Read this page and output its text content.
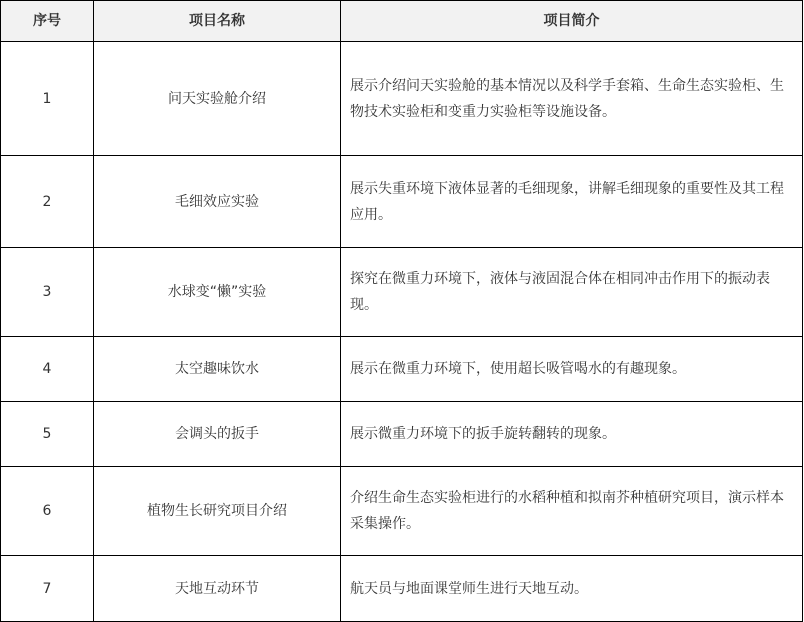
序号	项目名称	项目简介
1	问天实验舱介绍	展示介绍问天实验舱的基本情况以及科学手套箱、生命生态实验柜、生物技术实验柜和变重力实验柜等设施设备。
2	毛细效应实验	展示失重环境下液体显著的毛细现象，讲解毛细现象的重要性及其工程应用。
3	水球变“懒”实验	探究在微重力环境下，液体与液固混合体在相同冲击作用下的振动表现。
4	太空趣味饮水	展示在微重力环境下，使用超长吸管喝水的有趣现象。
5	会调头的扳手	展示微重力环境下的扳手旋转翻转的现象。
6	植物生长研究项目介绍	介绍生命生态实验柜进行的水稻种植和拟南芥种植研究项目，演示样本采集操作。
7	天地互动环节	航天员与地面课堂师生进行天地互动。
